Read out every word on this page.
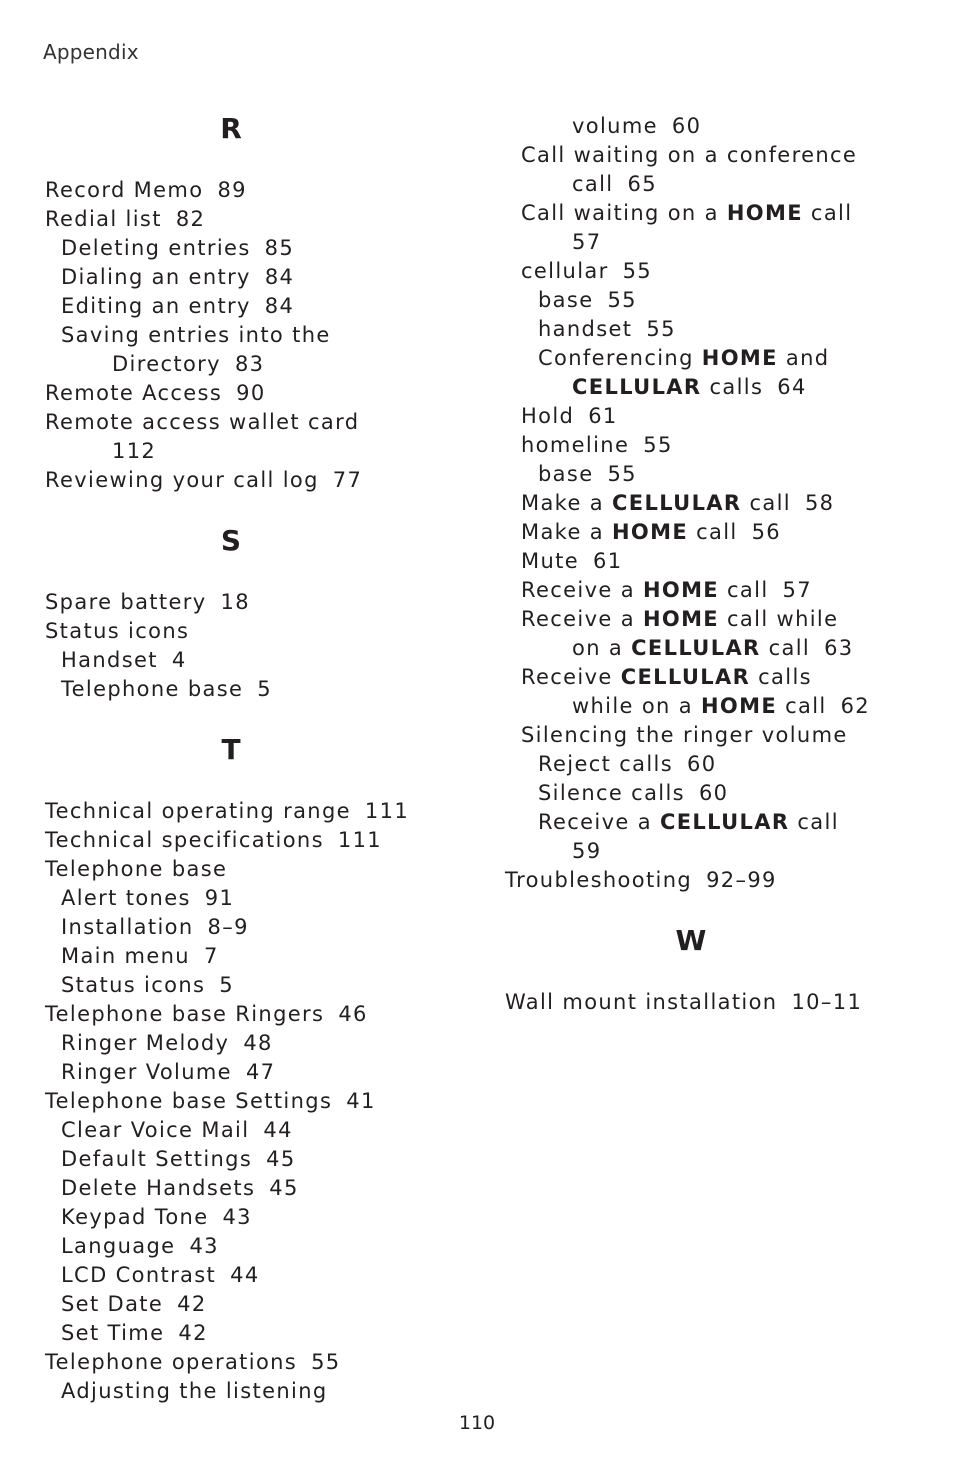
Appendix
R
Record Memo 89
Redial list 82
Deleting entries 85
Dialing an entry 84
Editing an entry 84
Saving entries into the
Directory 83
Remote Access 90
Remote access wallet card
112
Reviewing your call log 77
S
Spare battery 18
Status icons
Handset 4
Telephone base 5
T
Technical operating range 111
Technical specifications 111
Telephone base
Alert tones 91
Installation 8–9
Main menu 7
Status icons 5
Telephone base Ringers 46
Ringer Melody 48
Ringer Volume 47
Telephone base Settings 41
Clear Voice Mail 44
Default Settings 45
Delete Handsets 45
Keypad Tone 43
Language 43
LCD Contrast 44
Set Date 42
Set Time 42
Telephone operations 55
Adjusting the listening
volume 60
Call waiting on a conference
call 65
Call waiting on a HOME call
57
cellular 55
base 55
handset 55
Conferencing HOME and
CELLULAR calls 64
Hold 61
homeline 55
base 55
Make a CELLULAR call 58
Make a HOME call 56
Mute 61
Receive a HOME call 57
Receive a HOME call while
on a CELLULAR call 63
Receive CELLULAR calls
while on a HOME call 62
Silencing the ringer volume
Reject calls 60
Silence calls 60
Receive a CELLULAR call
59
Troubleshooting 92–99
W
Wall mount installation 10–11
110
